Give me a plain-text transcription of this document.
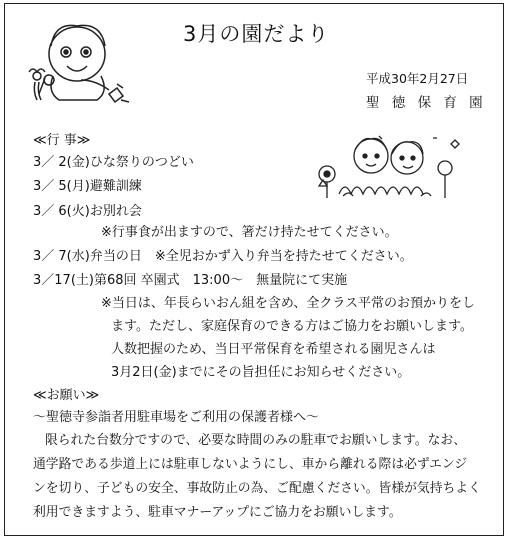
3月の園だより
平成30年2月27日
聖 徳 保 育 園
≪行 事≫
3／ 2(金)ひな祭りのつどい
3／ 5(月)避難訓練
3／ 6(火)お別れ会
※行事食が出ますので、箸だけ持たせてください。
3／ 7(水)弁当の日　※全児おかず入り弁当を持たせてください。
3／17(土)第68回 卒園式　13:00～　無量院にて実施
※当日は、年長らいおん組を含め、全クラス平常のお預かりをし
ます。ただし、家庭保育のできる方はご協力をお願いします。
人数把握のため、当日平常保育を希望される園児さんは
3月2日(金)までにその旨担任にお知らせください。
≪お願い≫
～聖徳寺参詣者用駐車場をご利用の保護者様へ～
限られた台数分ですので、必要な時間のみの駐車でお願いします。なお、
通学路である歩道上には駐車しないようにし、車から離れる際は必ずエンジ
ンを切り、子どもの安全、事故防止の為、ご配慮ください。皆様が気持ちよく
利用できますよう、駐車マナーアップにご協力をお願いします。
